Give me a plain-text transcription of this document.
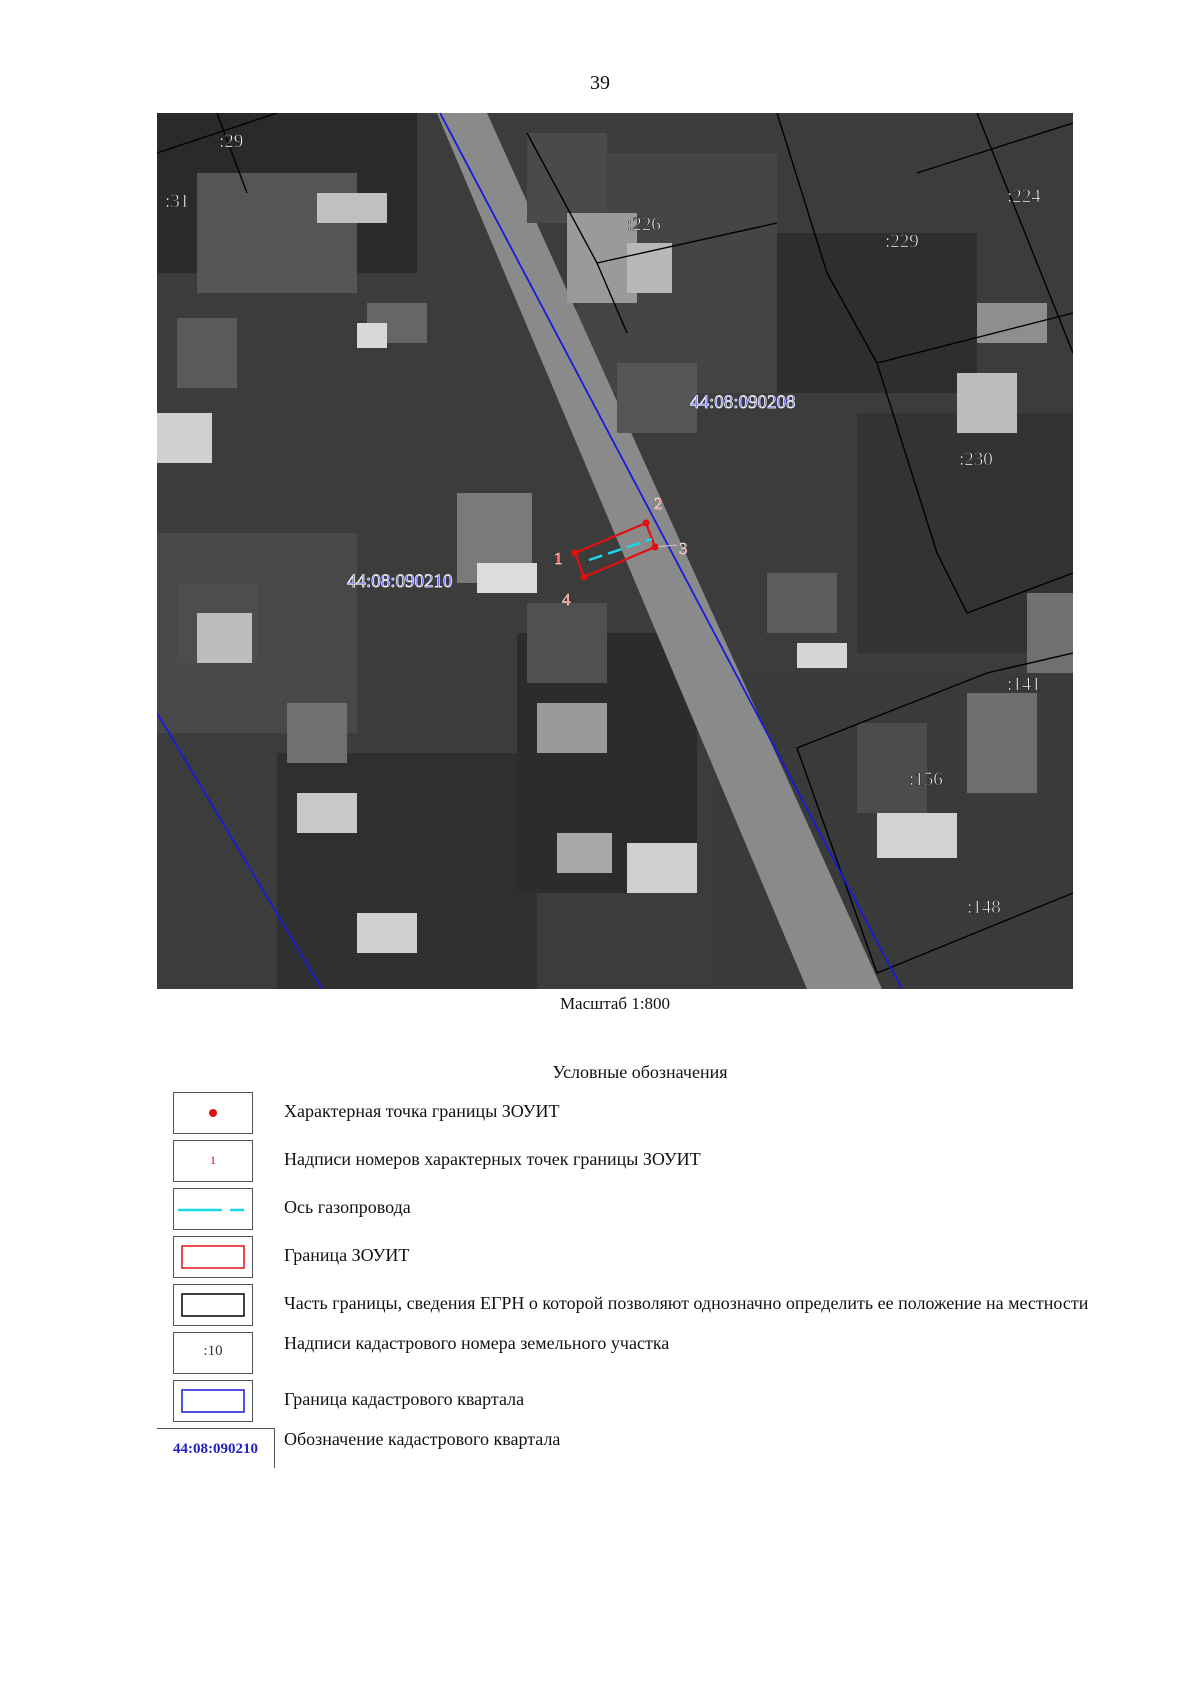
39
:29
:31
:226
:229
:224
:230
:141
:156
:148
44:08:090208
44:08:090210
1
2
3
4
Масштаб 1:800
Условные обозначения
Характерная точка границы ЗОУИТ
1	Надписи номеров характерных точек границы ЗОУИТ
Ось газопровода
Граница ЗОУИТ
Часть границы, сведения ЕГРН о которой позволяют однозначно определить ее положение на местности
:10	Надписи кадастрового номера земельного участка
Граница кадастрового квартала
44:08:090210	Обозначение кадастрового квартала
